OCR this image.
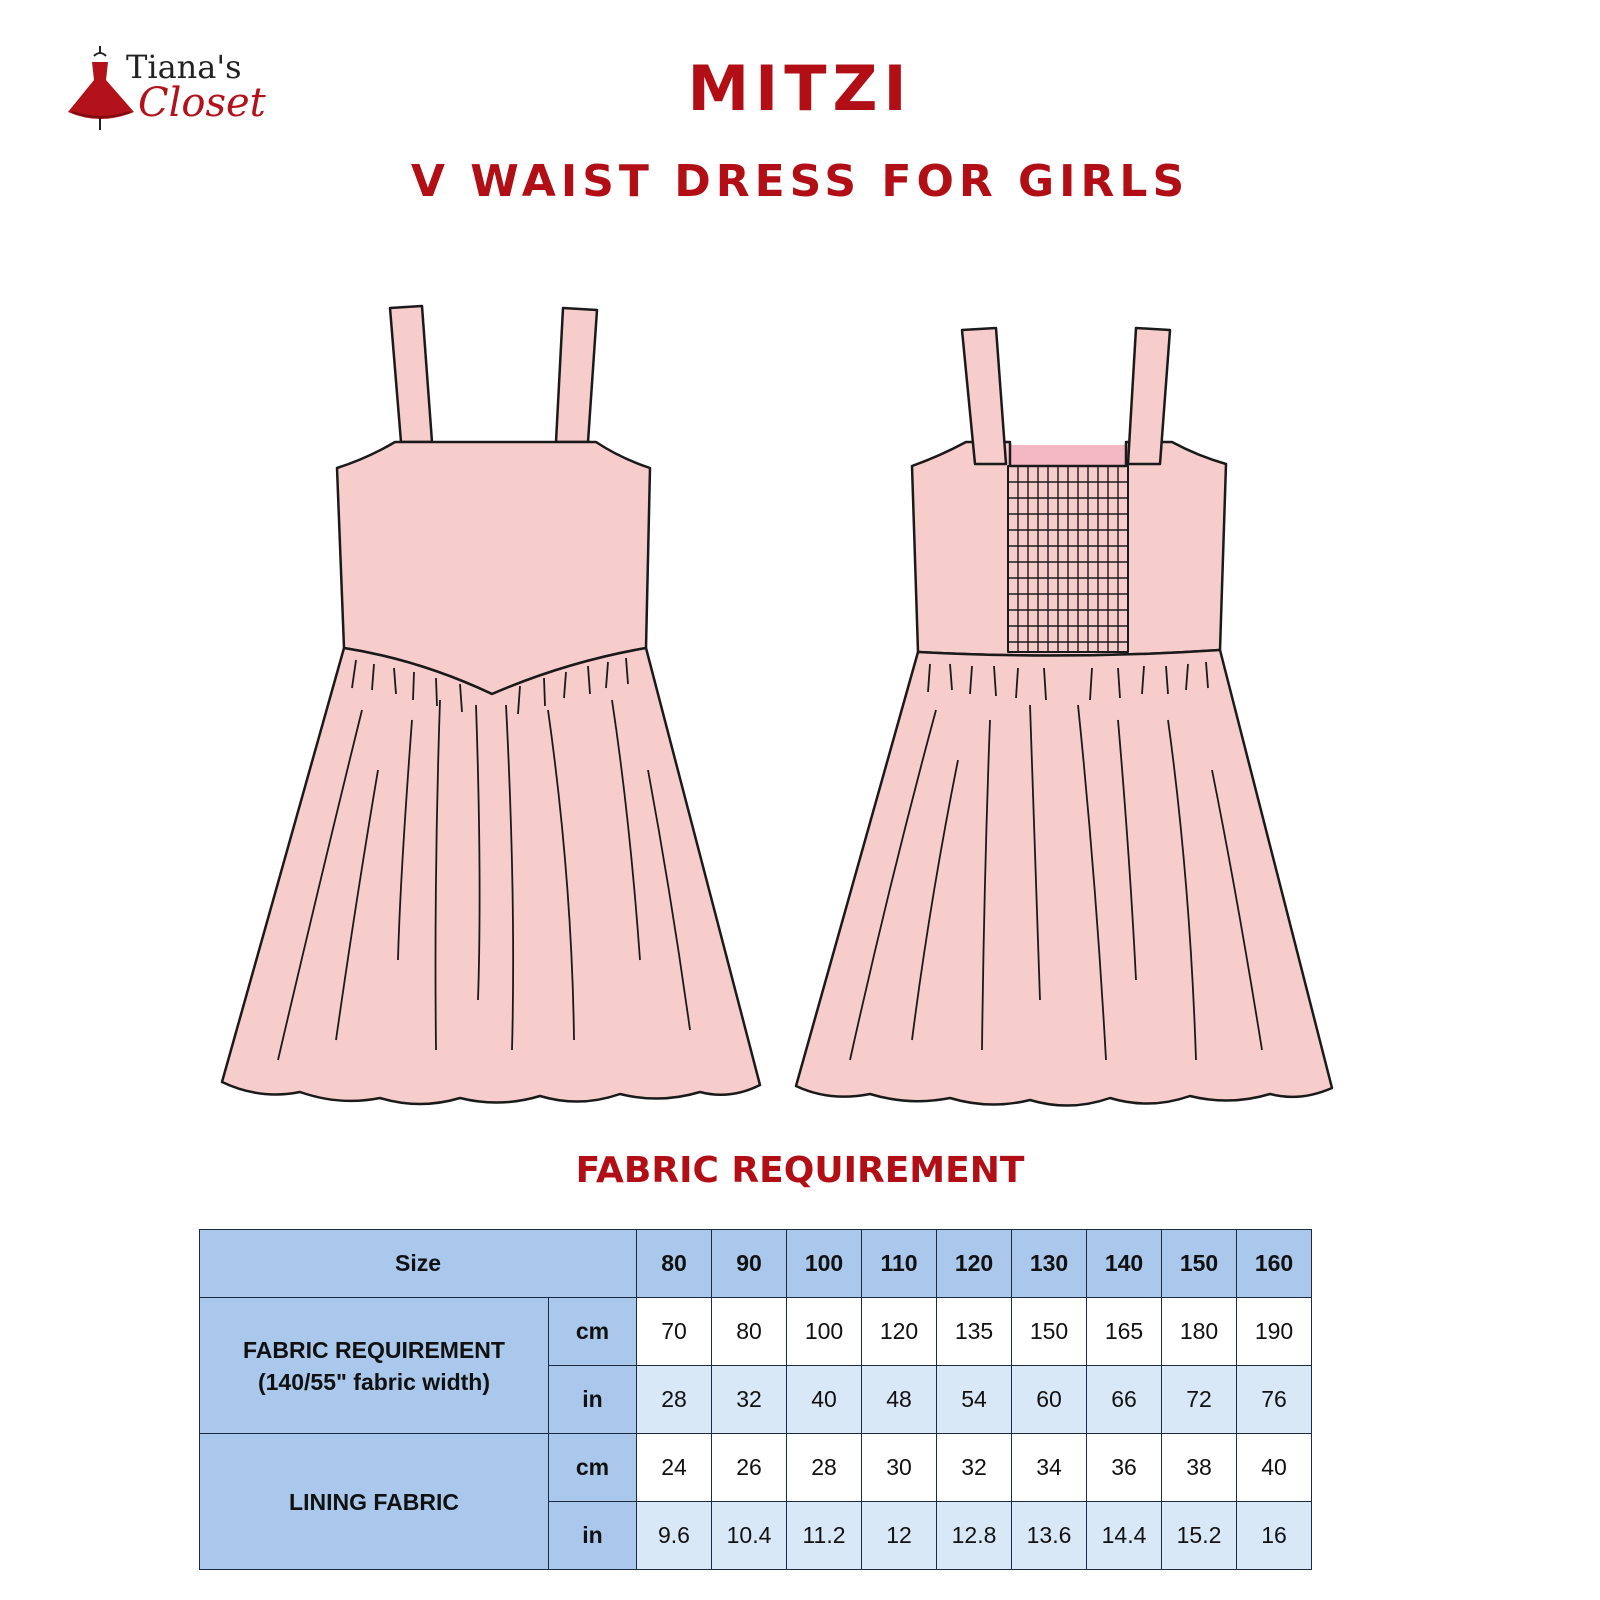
Tiana's
Closet	MITZI
V WAIST DRESS FOR GIRLS
FABRIC REQUIREMENT
Size		80	90	100	110	120	130	140	150	160

FABRIC REQUIREMENT
(140/55" fabric width)	cm	70	80	100	120	135	150	165	180	190
	in	28	32	40	48	54	60	66	72	76
LINING FABRIC	cm	24	26	28	30	32	34	36	38	40
	in	9.6	10.4	11.2	12	12.8	13.6	14.4	15.2	16
